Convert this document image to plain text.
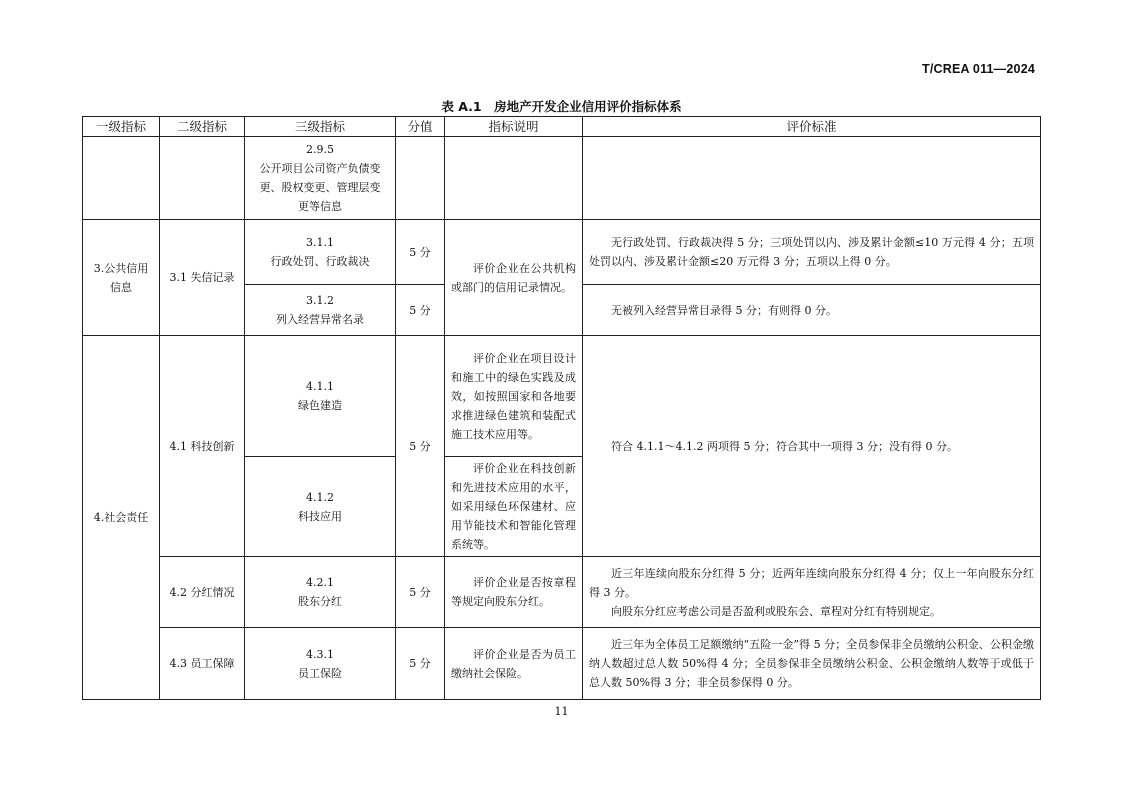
T/CREA 011—2024
表 A.1　房地产开发企业信用评价指标体系
一级指标	二级指标	三级指标	分值	指标说明	评价标准

		2.9.5
公开项目公司资产负债变
更、股权变更、管理层变
更等信息			

3.公共信用信息	3.1 失信记录	3.1.1
行政处罚、行政裁决	5 分	评价企业在公共机构或部门的信用记录情况。	无行政处罚、行政裁决得 5 分；三项处罚以内、涉及累计金额≤10 万元得 4 分；五项处罚以内、涉及累计金额≤20 万元得 3 分；五项以上得 0 分。

		3.1.2
列入经营异常名录	5 分		无被列入经营异常目录得 5 分；有则得 0 分。
4.社会责任	4.1 科技创新	4.1.1
绿色建造	5 分	评价企业在项目设计和施工中的绿色实践及成效，如按照国家和各地要求推进绿色建筑和装配式施工技术应用等。	符合 4.1.1～4.1.2 两项得 5 分；符合其中一项得 3 分；没有得 0 分。

		4.1.2
科技应用		评价企业在科技创新和先进技术应用的水平，如采用绿色环保建材、应用节能技术和智能化管理系统等。	
	4.2 分红情况	4.2.1
股东分红	5 分	评价企业是否按章程等规定向股东分红。	近三年连续向股东分红得 5 分；近两年连续向股东分红得 4 分；仅上一年向股东分红得 3 分。
向股东分红应考虑公司是否盈利或股东会、章程对分红有特别规定。

	4.3 员工保障	4.3.1
员工保险	5 分	评价企业是否为员工缴纳社会保险。	近三年为全体员工足额缴纳“五险一金”得 5 分；全员参保非全员缴纳公积金、公积金缴纳人数超过总人数 50%得 4 分；全员参保非全员缴纳公积金、公积金缴纳人数等于或低于总人数 50%得 3 分；非全员参保得 0 分。
11
